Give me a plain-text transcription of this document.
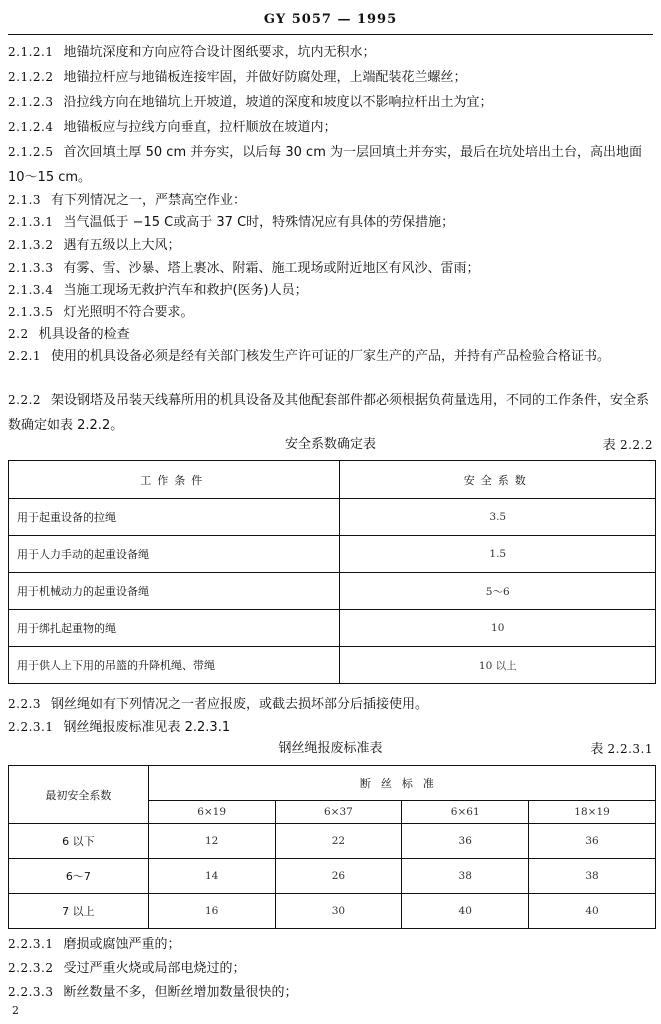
GY 5057 — 1995
2.1.2.1 地锚坑深度和方向应符合设计图纸要求，坑内无积水；
2.1.2.2 地锚拉杆应与地锚板连接牢固，并做好防腐处理，上端配装花兰螺丝；
2.1.2.3 沿拉线方向在地锚坑上开坡道，坡道的深度和坡度以不影响拉杆出土为宜；
2.1.2.4 地锚板应与拉线方向垂直，拉杆顺放在坡道内；
2.1.2.5 首次回填土厚 50 cm 并夯实，以后每 30 cm 为一层回填土并夯实，最后在坑处培出土台，高出地面 10～15 cm。
2.1.3 有下列情况之一，严禁高空作业：
2.1.3.1 当气温低于 −15 C或高于 37 C时，特殊情况应有具体的劳保措施；
2.1.3.2 遇有五级以上大风；
2.1.3.3 有雾、雪、沙暴、塔上裹冰、附霜、施工现场或附近地区有风沙、雷雨；
2.1.3.4 当施工现场无救护汽车和救护(医务)人员；
2.1.3.5 灯光照明不符合要求。
2.2 机具设备的检查
2.2.1 使用的机具设备必须是经有关部门核发生产许可证的厂家生产的产品，并持有产品检验合格证书。
2.2.2 架设钢塔及吊装天线幕所用的机具设备及其他配套部件都必须根据负荷量选用，不同的工作条件，安全系数确定如表 2.2.2。
安全系数确定表	表 2.2.2
工作条件	安全系数
用于起重设备的拉绳	3.5
用于人力手动的起重设备绳	1.5
用于机械动力的起重设备绳	5～6
用于绑扎起重物的绳	10
用于供人上下用的吊篮的升降机绳、带绳	10 以上
2.2.3 钢丝绳如有下列情况之一者应报废，或截去损坏部分后插接使用。
2.2.3.1 钢丝绳报废标准见表 2.2.3.1
钢丝绳报废标准表	表 2.2.3.1
最初安全系数	断丝标准			
	6×19	6×37	6×61	18×19
6 以下	12	22	36	36
6～7	14	26	38	38
7 以上	16	30	40	40
2.2.3.1 磨损或腐蚀严重的；
2.2.3.2 受过严重火烧或局部电烧过的；
2.2.3.3 断丝数量不多，但断丝增加数量很快的；
2
